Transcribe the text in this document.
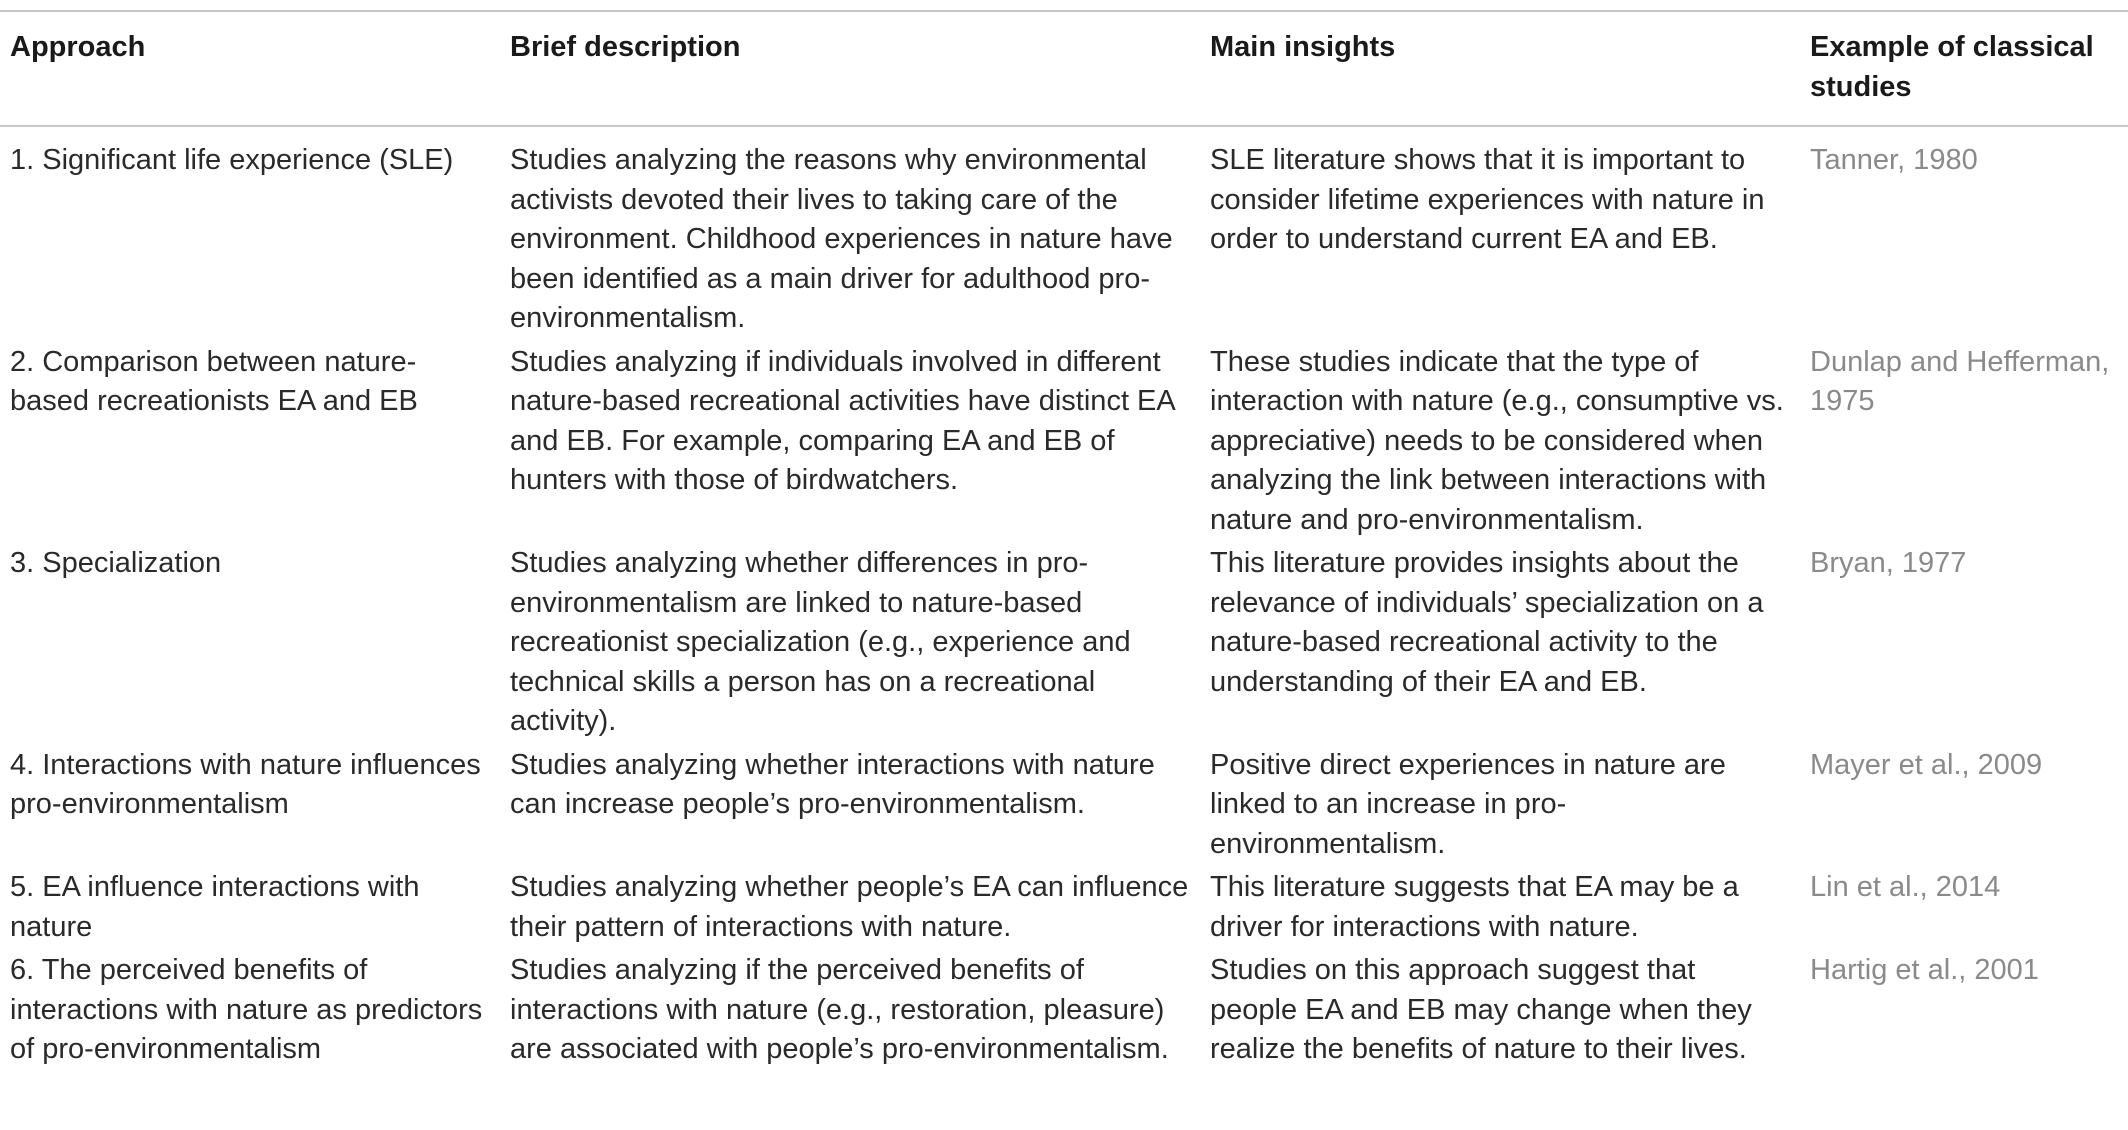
Approach	Brief description	Main insights	Example of classical studies
1. Significant life experience (SLE)	Studies analyzing the reasons why environmental activists devoted their lives to taking care of the environment. Childhood experiences in nature have been identified as a main driver for adulthood pro-environmentalism.	SLE literature shows that it is important to consider lifetime experiences with nature in order to understand current EA and EB.	Tanner, 1980
2. Comparison between nature-based recreationists EA and EB	Studies analyzing if individuals involved in different nature-based recreational activities have distinct EA and EB. For example, comparing EA and EB of hunters with those of birdwatchers.	These studies indicate that the type of interaction with nature (e.g., consumptive vs. appreciative) needs to be considered when analyzing the link between interactions with nature and pro-environmentalism.	Dunlap and Hefferman, 1975
3. Specialization	Studies analyzing whether differences in pro-environmentalism are linked to nature-based recreationist specialization (e.g., experience and technical skills a person has on a recreational activity).	This literature provides insights about the relevance of individuals’ specialization on a nature-based recreational activity to the understanding of their EA and EB.	Bryan, 1977
4. Interactions with nature influences pro-environmentalism	Studies analyzing whether interactions with nature can increase people’s pro-environmentalism.	Positive direct experiences in nature are linked to an increase in pro-environmentalism.	Mayer et al., 2009
5. EA influence interactions with nature	Studies analyzing whether people’s EA can influence their pattern of interactions with nature.	This literature suggests that EA may be a driver for interactions with nature.	Lin et al., 2014
6. The perceived benefits of interactions with nature as predictors of pro-environmentalism	Studies analyzing if the perceived benefits of interactions with nature (e.g., restoration, pleasure) are associated with people’s pro-environmentalism.	Studies on this approach suggest that people EA and EB may change when they realize the benefits of nature to their lives.	Hartig et al., 2001
